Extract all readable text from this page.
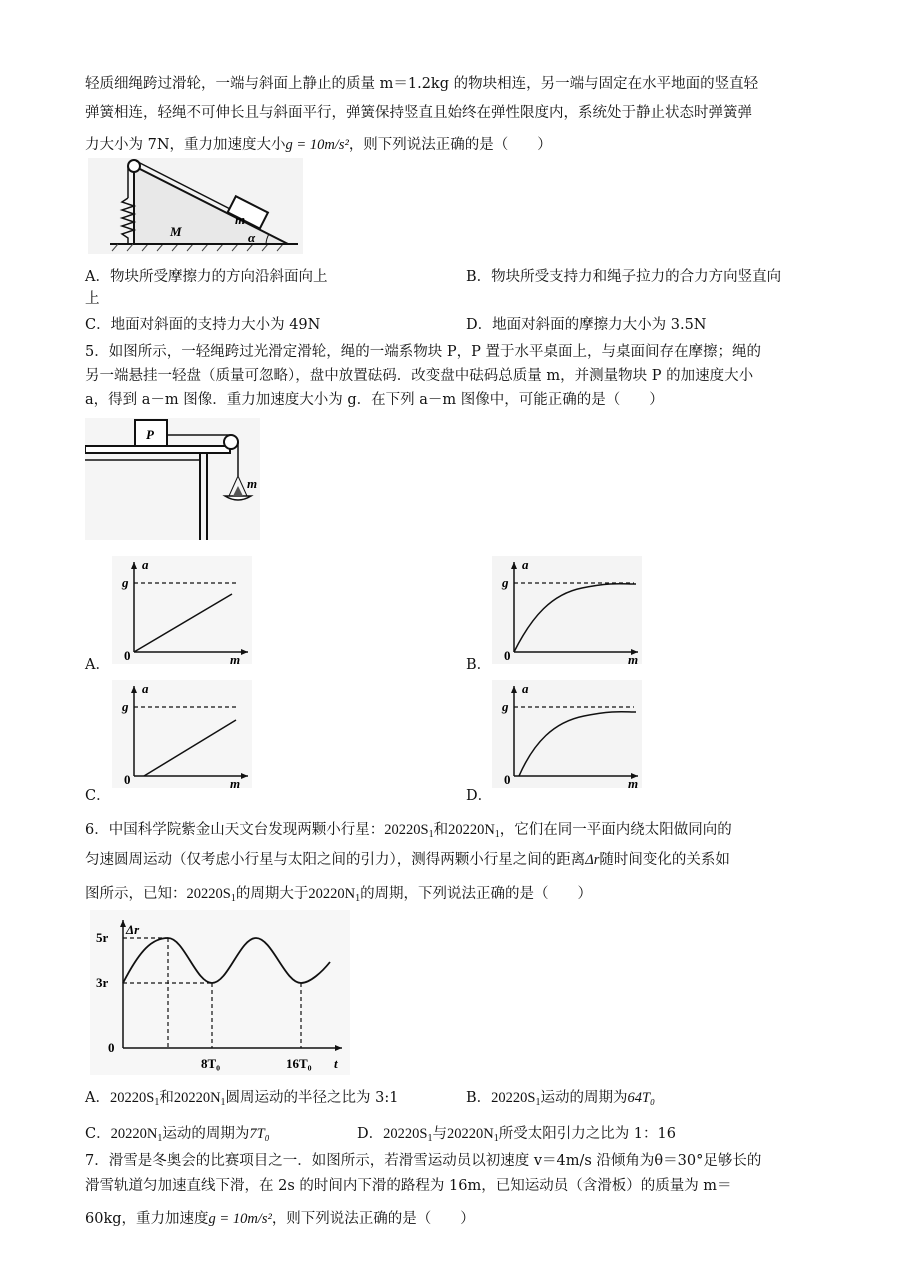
轻质细绳跨过滑轮，一端与斜面上静止的质量 m＝1.2kg 的物块相连，另一端与固定在水平地面的竖直轻
弹簧相连，轻绳不可伸长且与斜面平行，弹簧保持竖直且始终在弹性限度内，系统处于静止状态时弹簧弹
力大小为 7N，重力加速度大小g = 10m/s²，则下列说法正确的是（　　）
m
M	α
A．物块所受摩擦力的方向沿斜面向上	B．物块所受支持力和绳子拉力的合力方向竖直向
上
C．地面对斜面的支持力大小为 49N	D．地面对斜面的摩擦力大小为 3.5N
5．如图所示，一轻绳跨过光滑定滑轮，绳的一端系物块 P，P 置于水平桌面上，与桌面间存在摩擦；绳的
另一端悬挂一轻盘（质量可忽略），盘中放置砝码．改变盘中砝码总质量 m，并测量物块 P 的加速度大小
a，得到 a－m 图像．重力加速度大小为 g．在下列 a－m 图像中，可能正确的是（　　）
P
m
a
g
0	m
A．
a
g
0	m
B．
a
g
0	m
C．
a
g
0	m
D．
6．中国科学院紫金山天文台发现两颗小行星：$20220S_1$和$20220N_1$，它们在同一平面内绕太阳做同向的
匀速圆周运动（仅考虑小行星与太阳之间的引力），测得两颗小行星之间的距离Δr随时间变化的关系如
图所示，已知：$20220S_1$的周期大于$20220N_1$的周期，下列说法正确的是（　　）
Δr
5r
3r
0
8T₀	16T₀ t
A．$20220S_1$和$20220N_1$圆周运动的半径之比为 3:1	B．$20220S_1$运动的周期为64T₀
C．$20220N_1$运动的周期为7T₀	D．$20220S_1$与$20220N_1$所受太阳引力之比为 1：16
7．滑雪是冬奥会的比赛项目之一．如图所示，若滑雪运动员以初速度 v＝4m/s 沿倾角为θ＝30°足够长的
滑雪轨道匀加速直线下滑，在 2s 的时间内下滑的路程为 16m，已知运动员（含滑板）的质量为 m＝
60kg，重力加速度g = 10m/s²，则下列说法正确的是（　　）
